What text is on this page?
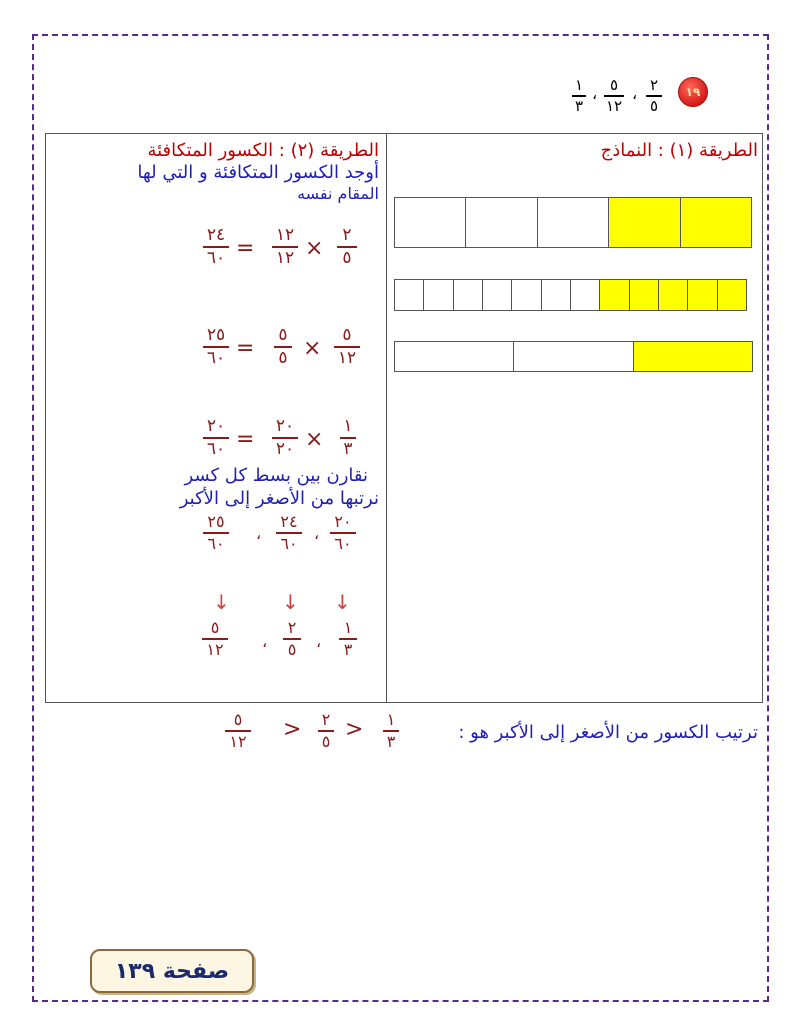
١٩
٢
٥
،
٥
١٢
،
١
٣
الطريقة (١) : النماذج
الطريقة (٢) : الكسور المتكافئة
أوجد الكسور المتكافئة و التي لها
المقام نفسه
٢٤
٦٠ =
١٢
١٢ ×
٢
٥
٢٥
٦٠ =
٥
٥ ×
٥
١٢
٢٠
٦٠ =
٢٠
٢٠ ×
١
٣
نقارن بين بسط كل كسر
نرتبها من الأصغر إلى الأكبر
٢٠
٦٠
،
٢٤
٦٠
،
٢٥
٦٠
↓
↓
↓
١
٣
،
٢
٥
،
٥
١٢
ترتيب الكسور من الأصغر إلى الأكبر هو :
١
٣
>
٢
٥
>
٥
١٢
صفحة ١٣٩
